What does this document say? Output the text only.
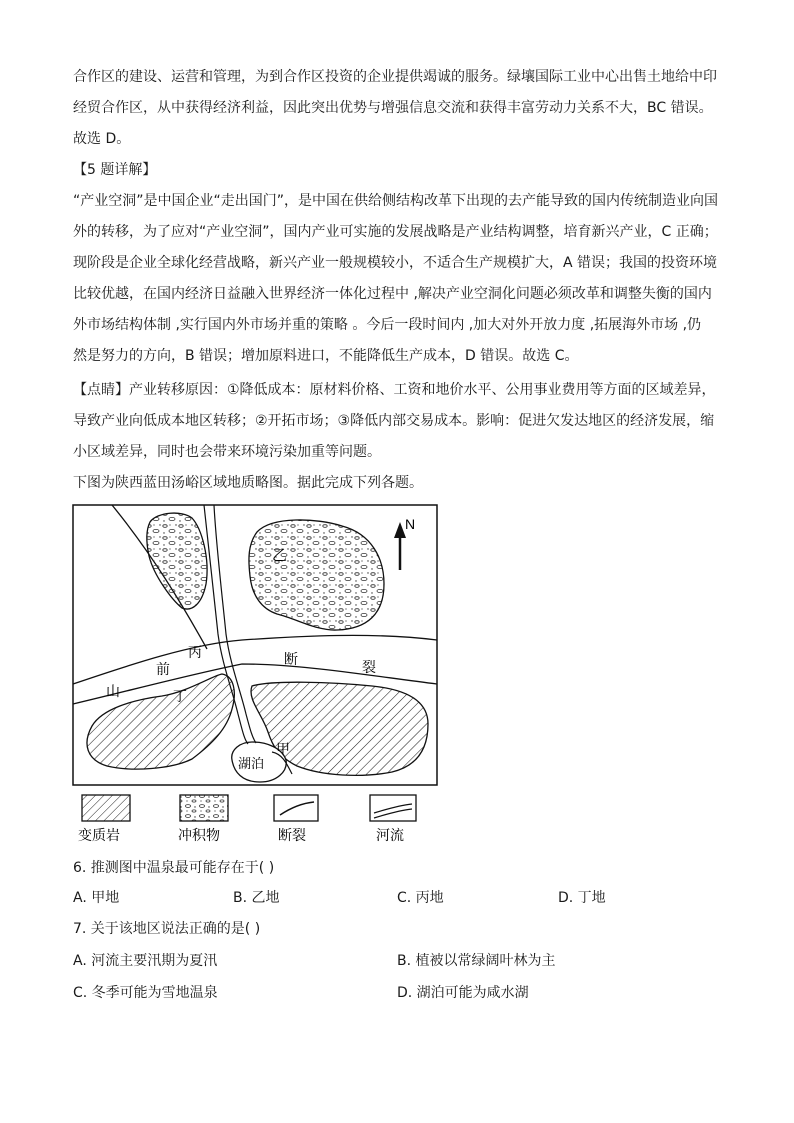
合作区的建设、运营和管理，为到合作区投资的企业提供竭诚的服务。绿壤国际工业中心出售土地给中印
经贸合作区，从中获得经济利益，因此突出优势与增强信息交流和获得丰富劳动力关系不大，BC 错误。
故选 D。
【5 题详解】
“产业空洞”是中国企业“走出国门”，是中国在供给侧结构改革下出现的去产能导致的国内传统制造业向国
外的转移，为了应对“产业空洞”，国内产业可实施的发展战略是产业结构调整，培育新兴产业，C 正确；
现阶段是企业全球化经营战略，新兴产业一般规模较小，不适合生产规模扩大，A 错误；我国的投资环境
比较优越，在国内经济日益融入世界经济一体化过程中 ,解决产业空洞化问题必须改革和调整失衡的国内
外市场结构体制 ,实行国内外市场并重的策略 。今后一段时间内 ,加大对外开放力度 ,拓展海外市场 ,仍
然是努力的方向，B 错误；增加原料进口，不能降低生产成本，D 错误。故选 C。
【点睛】产业转移原因：①降低成本：原材料价格、工资和地价水平、公用事业费用等方面的区域差异，
导致产业向低成本地区转移；②开拓市场；③降低内部交易成本。影响：促进欠发达地区的经济发展，缩
小区域差异，同时也会带来环境污染加重等问题。
下图为陕西蓝田汤峪区域地质略图。据此完成下列各题。
N
乙
丙
前
山	丁
断	裂
甲
湖泊
变质岩	冲积物	断裂	河流
6. 推测图中温泉最可能存在于( )
A. 甲地	B. 乙地	C. 丙地	D. 丁地
7. 关于该地区说法正确的是( )
A. 河流主要汛期为夏汛	B. 植被以常绿阔叶林为主
C. 冬季可能为雪地温泉	D. 湖泊可能为咸水湖
